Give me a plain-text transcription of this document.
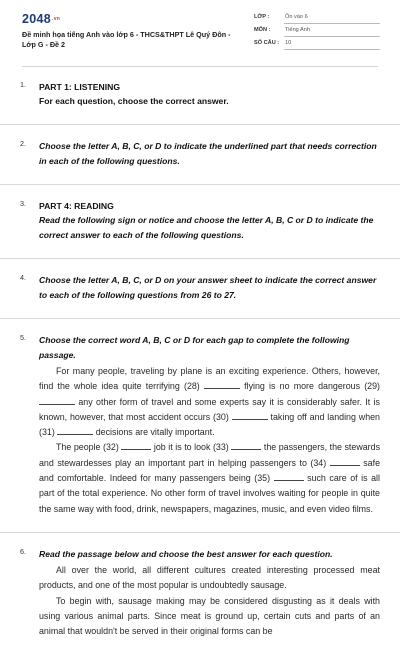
$2048^{.vn}$
Đề minh họa tiếng Anh vào lớp 6 - THCS&THPT Lê Quý Đôn - Lớp G - Đề 2
LỚP :	Ôn vào 6
MÔN :	Tiếng Anh
SỐ CÂU :	10
1. PART 1: LISTENING
For each question, choose the correct answer.
2. Choose the letter A, B, C, or D to indicate the underlined part that needs correction in each of the following questions.
3. PART 4: READING
Read the following sign or notice and choose the letter A, B, C or D to indicate the correct answer to each of the following questions.
4. Choose the letter A, B, C, or D on your answer sheet to indicate the correct answer to each of the following questions from 26 to 27.
5. Choose the correct word A, B, C or D for each gap to complete the following passage.

For many people, traveling by plane is an exciting experience. Others, however, find the whole idea quite terrifying (28)	flying is no more dangerous (29)  any other form of travel and some experts say it is considerably safer. It is known, however, that most accident occurs (30)	taking off and landing when (31)	decisions are vitally important.

The people (32)	job it is to look (33)	the passengers, the stewards and stewardesses play an important part in helping passengers to (34)	safe and comfortable. Indeed for many passengers being (35)	such care of is all part of the total experience. No other form of travel involves waiting for people in quite the same way with food, drink, newspapers, magazines, music, and even video films.

6. Read the passage below and choose the best answer for each question.

All over the world, all different cultures created interesting processed meat products, and one of the most popular is undoubtedly sausage.

To begin with, sausage making may be considered disgusting as it deals with using various animal parts. Since meat is ground up, certain cuts and parts of an animal that wouldn't be served in their original forms can be
